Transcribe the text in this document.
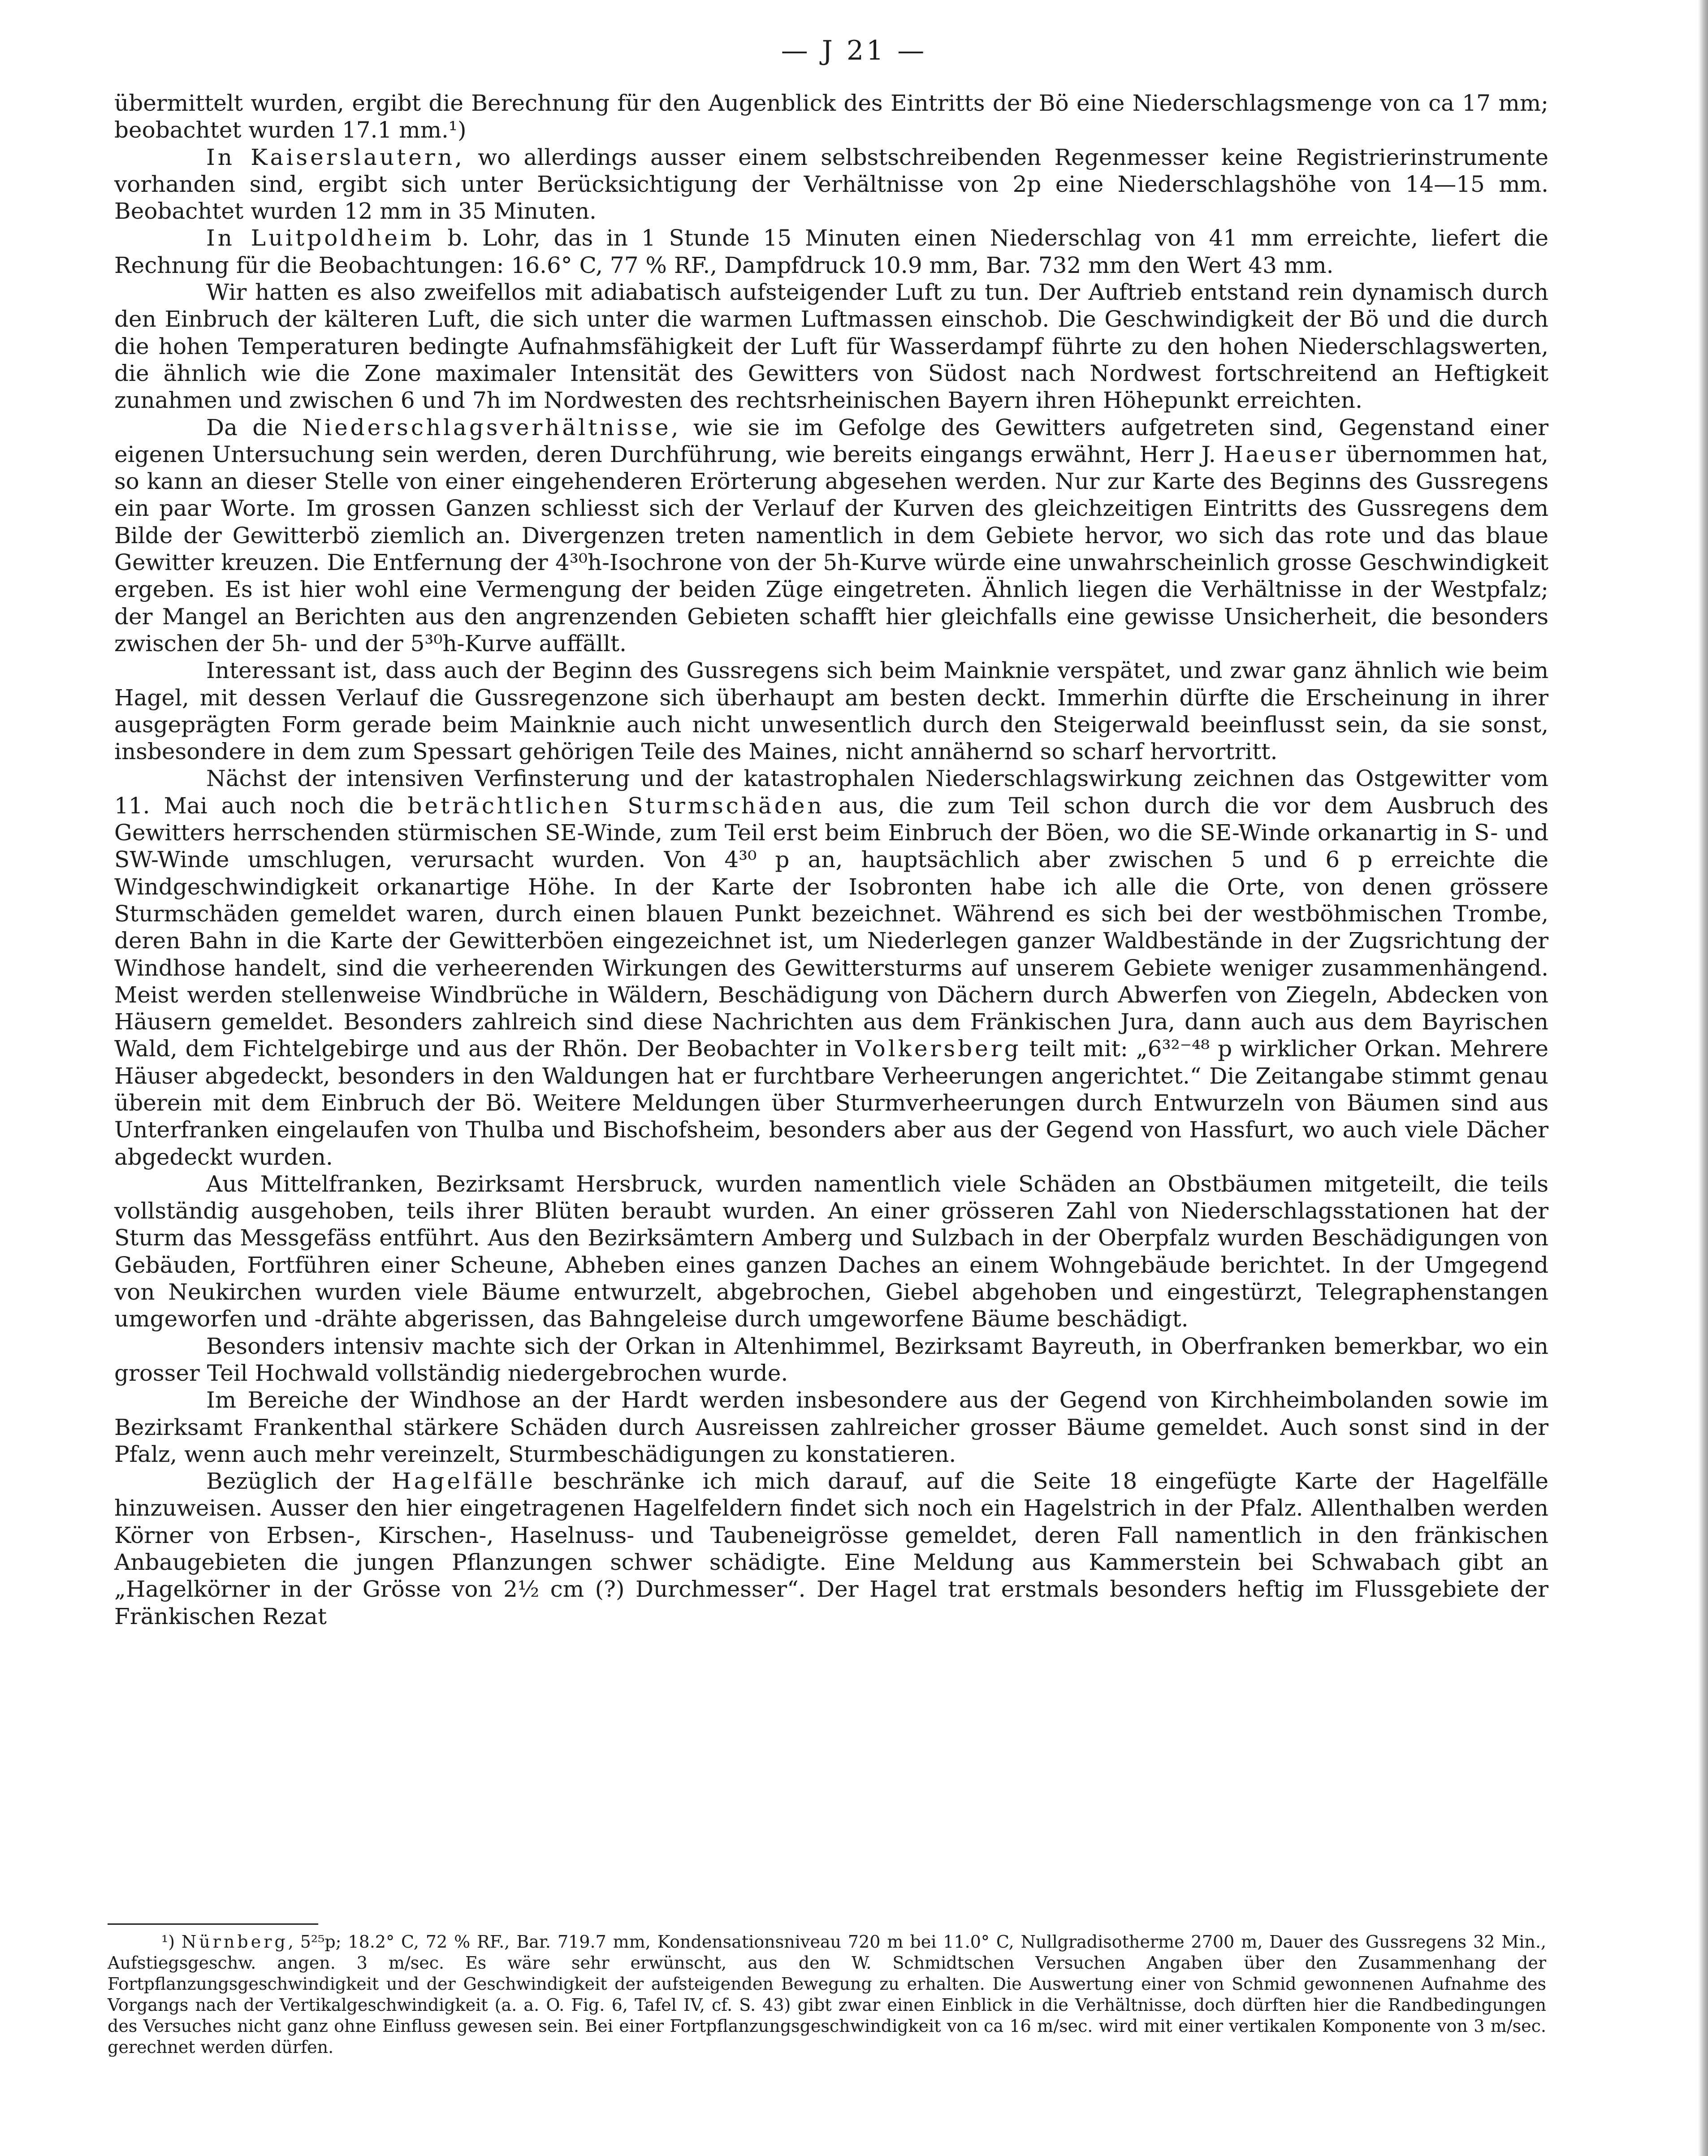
— J 21 —

übermittelt wurden, ergibt die Berechnung für den Augenblick des Eintritts der Bö eine Niederschlagsmenge von ca 17 mm; beobachtet wurden 17.1 mm.¹)

In Kaiserslautern, wo allerdings ausser einem selbstschreibenden Regenmesser keine Registrierinstrumente vorhanden sind, ergibt sich unter Berücksichtigung der Verhältnisse von 2p eine Niederschlagshöhe von 14—15 mm. Beobachtet wurden 12 mm in 35 Minuten.

In Luitpoldheim b. Lohr, das in 1 Stunde 15 Minuten einen Niederschlag von 41 mm erreichte, liefert die Rechnung für die Beobachtungen: 16.6° C, 77 % RF., Dampfdruck 10.9 mm, Bar. 732 mm den Wert 43 mm.

Wir hatten es also zweifellos mit adiabatisch aufsteigender Luft zu tun. Der Auftrieb entstand rein dynamisch durch den Einbruch der kälteren Luft, die sich unter die warmen Luftmassen einschob. Die Geschwindigkeit der Bö und die durch die hohen Temperaturen bedingte Aufnahmsfähigkeit der Luft für Wasserdampf führte zu den hohen Niederschlagswerten, die ähnlich wie die Zone maximaler Intensität des Gewitters von Südost nach Nordwest fortschreitend an Heftigkeit zunahmen und zwischen 6 und 7h im Nordwesten des rechtsrheinischen Bayern ihren Höhepunkt erreichten.

Da die Niederschlagsverhältnisse, wie sie im Gefolge des Gewitters aufgetreten sind, Gegenstand einer eigenen Untersuchung sein werden, deren Durchführung, wie bereits eingangs erwähnt, Herr J. Haeuser übernommen hat, so kann an dieser Stelle von einer eingehenderen Erörterung abgesehen werden. Nur zur Karte des Beginns des Gussregens ein paar Worte. Im grossen Ganzen schliesst sich der Verlauf der Kurven des gleichzeitigen Eintritts des Gussregens dem Bilde der Gewitterbö ziemlich an. Divergenzen treten namentlich in dem Gebiete hervor, wo sich das rote und das blaue Gewitter kreuzen. Die Entfernung der 4³⁰h-Isochrone von der 5h-Kurve würde eine unwahrscheinlich grosse Geschwindigkeit ergeben. Es ist hier wohl eine Vermengung der beiden Züge eingetreten. Ähnlich liegen die Verhältnisse in der Westpfalz; der Mangel an Berichten aus den angrenzenden Gebieten schafft hier gleichfalls eine gewisse Unsicherheit, die besonders zwischen der 5h- und der 5³⁰h-Kurve auffällt.

Interessant ist, dass auch der Beginn des Gussregens sich beim Mainknie verspätet, und zwar ganz ähnlich wie beim Hagel, mit dessen Verlauf die Gussregenzone sich überhaupt am besten deckt. Immerhin dürfte die Erscheinung in ihrer ausgeprägten Form gerade beim Mainknie auch nicht unwesentlich durch den Steigerwald beeinflusst sein, da sie sonst, insbesondere in dem zum Spessart gehörigen Teile des Maines, nicht annähernd so scharf hervortritt.

Nächst der intensiven Verfinsterung und der katastrophalen Niederschlagswirkung zeichnen das Ostgewitter vom 11. Mai auch noch die beträchtlichen Sturmschäden aus, die zum Teil schon durch die vor dem Ausbruch des Gewitters herrschenden stürmischen SE-Winde, zum Teil erst beim Einbruch der Böen, wo die SE-Winde orkanartig in S- und SW-Winde umschlugen, verursacht wurden. Von 4³⁰ p an, hauptsächlich aber zwischen 5 und 6 p erreichte die Windgeschwindigkeit orkanartige Höhe. In der Karte der Isobronten habe ich alle die Orte, von denen grössere Sturmschäden gemeldet waren, durch einen blauen Punkt bezeichnet. Während es sich bei der westböhmischen Trombe, deren Bahn in die Karte der Gewitterböen eingezeichnet ist, um Niederlegen ganzer Waldbestände in der Zugsrichtung der Windhose handelt, sind die verheerenden Wirkungen des Gewittersturms auf unserem Gebiete weniger zusammenhängend. Meist werden stellenweise Windbrüche in Wäldern, Beschädigung von Dächern durch Abwerfen von Ziegeln, Abdecken von Häusern gemeldet. Besonders zahlreich sind diese Nachrichten aus dem Fränkischen Jura, dann auch aus dem Bayrischen Wald, dem Fichtelgebirge und aus der Rhön. Der Beobachter in Volkersberg teilt mit: „6³²⁻⁴⁸ p wirklicher Orkan. Mehrere Häuser abgedeckt, besonders in den Waldungen hat er furchtbare Verheerungen angerichtet.“ Die Zeitangabe stimmt genau überein mit dem Einbruch der Bö. Weitere Meldungen über Sturmverheerungen durch Entwurzeln von Bäumen sind aus Unterfranken eingelaufen von Thulba und Bischofsheim, besonders aber aus der Gegend von Hassfurt, wo auch viele Dächer abgedeckt wurden.

Aus Mittelfranken, Bezirksamt Hersbruck, wurden namentlich viele Schäden an Obstbäumen mitgeteilt, die teils vollständig ausgehoben, teils ihrer Blüten beraubt wurden. An einer grösseren Zahl von Niederschlagsstationen hat der Sturm das Messgefäss entführt. Aus den Bezirksämtern Amberg und Sulzbach in der Oberpfalz wurden Beschädigungen von Gebäuden, Fortführen einer Scheune, Abheben eines ganzen Daches an einem Wohngebäude berichtet. In der Umgegend von Neukirchen wurden viele Bäume entwurzelt, abgebrochen, Giebel abgehoben und eingestürzt, Telegraphenstangen umgeworfen und -drähte abgerissen, das Bahngeleise durch umgeworfene Bäume beschädigt.

Besonders intensiv machte sich der Orkan in Altenhimmel, Bezirksamt Bayreuth, in Oberfranken bemerkbar, wo ein grosser Teil Hochwald vollständig niedergebrochen wurde.

Im Bereiche der Windhose an der Hardt werden insbesondere aus der Gegend von Kirchheimbolanden sowie im Bezirksamt Frankenthal stärkere Schäden durch Ausreissen zahlreicher grosser Bäume gemeldet. Auch sonst sind in der Pfalz, wenn auch mehr vereinzelt, Sturmbeschädigungen zu konstatieren.

Bezüglich der Hagelfälle beschränke ich mich darauf, auf die Seite 18 eingefügte Karte der Hagelfälle hinzuweisen. Ausser den hier eingetragenen Hagelfeldern findet sich noch ein Hagelstrich in der Pfalz. Allenthalben werden Körner von Erbsen-, Kirschen-, Haselnuss- und Taubeneigrösse gemeldet, deren Fall namentlich in den fränkischen Anbaugebieten die jungen Pflanzungen schwer schädigte. Eine Meldung aus Kammerstein bei Schwabach gibt an „Hagelkörner in der Grösse von 2½ cm (?) Durchmesser“. Der Hagel trat erstmals besonders heftig im Flussgebiete der Fränkischen Rezat

¹) Nürnberg, 5²⁵p; 18.2° C, 72 % RF., Bar. 719.7 mm, Kondensationsniveau 720 m bei 11.0° C, Nullgradisotherme 2700 m, Dauer des Gussregens 32 Min., Aufstiegsgeschw. angen. 3 m/sec. Es wäre sehr erwünscht, aus den W. Schmidtschen Versuchen Angaben über den Zusammenhang der Fortpflanzungsgeschwindigkeit und der Geschwindigkeit der aufsteigenden Bewegung zu erhalten. Die Auswertung einer von Schmid gewonnenen Aufnahme des Vorgangs nach der Vertikalgeschwindigkeit (a. a. O. Fig. 6, Tafel IV, cf. S. 43) gibt zwar einen Einblick in die Verhältnisse, doch dürften hier die Randbedingungen des Versuches nicht ganz ohne Einfluss gewesen sein. Bei einer Fortpflanzungsgeschwindigkeit von ca 16 m/sec. wird mit einer vertikalen Komponente von 3 m/sec. gerechnet werden dürfen.
